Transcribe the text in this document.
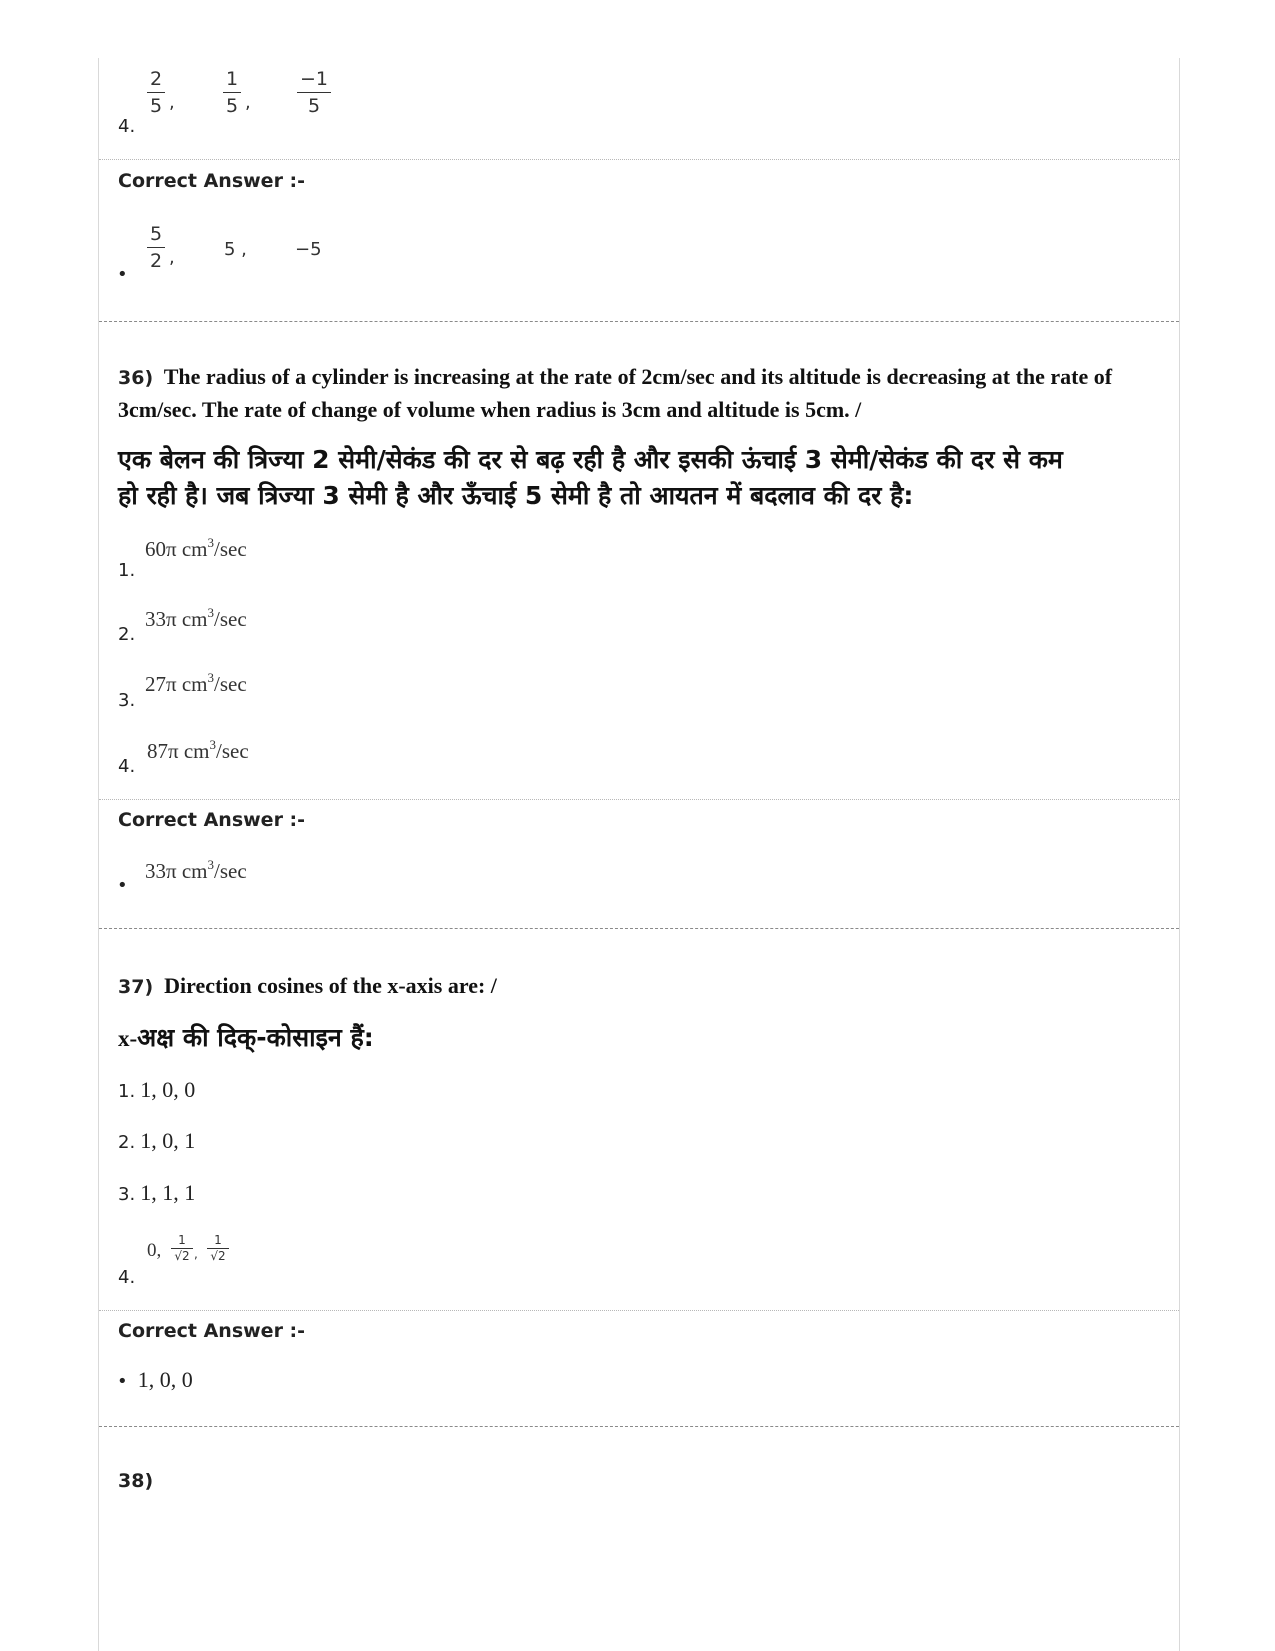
2
5 ,
1
5 ,
−1
5
4.
Correct Answer :-
5
2 ,	5 ,	−5
•
36) The radius of a cylinder is increasing at the rate of 2cm/sec and its altitude is decreasing at the rate of 3cm/sec. The rate of change of volume when radius is 3cm and altitude is 5cm. /
एक बेलन की त्रिज्या 2 सेमी/सेकंड की दर से बढ़ रही है और इसकी ऊंचाई 3 सेमी/सेकंड की दर से कम
हो रही है। जब त्रिज्या 3 सेमी है और ऊँचाई 5 सेमी है तो आयतन में बदलाव की दर है:
60π $cm^3/\sec$
1.
33π $cm^3/\sec$
2.
27π $cm^3/\sec$
3.
87π $cm^3/\sec$
4.
Correct Answer :-
33π $cm^3/\sec$
•
37) Direction cosines of the x-axis are: /
x-अक्ष की दिक्-कोसाइन हैं:
1. 1, 0, 0
2. 1, 0, 1
3. 1, 1, 1
0,	1
√2 ,
1
√2
4.
Correct Answer :-
• 1, 0, 0
38)
